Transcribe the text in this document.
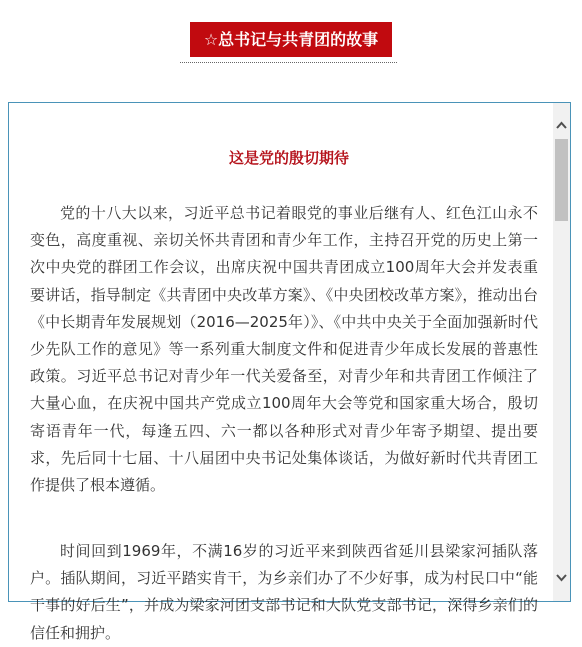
☆总书记与共青团的故事
这是党的殷切期待

党的十八大以来，习近平总书记着眼党的事业后继有人、红色江山永不变色，高度重视、亲切关怀共青团和青少年工作，主持召开党的历史上第一次中央党的群团工作会议，出席庆祝中国共青团成立100周年大会并发表重要讲话，指导制定《共青团中央改革方案》、《中央团校改革方案》，推动出台《中长期青年发展规划（2016—2025年）》、《中共中央关于全面加强新时代少先队工作的意见》等一系列重大制度文件和促进青少年成长发展的普惠性政策。习近平总书记对青少年一代关爱备至，对青少年和共青团工作倾注了大量心血，在庆祝中国共产党成立100周年大会等党和国家重大场合，殷切寄语青年一代，每逢五四、六一都以各种形式对青少年寄予期望、提出要求，先后同十七届、十八届团中央书记处集体谈话，为做好新时代共青团工作提供了根本遵循。

时间回到1969年，不满16岁的习近平来到陕西省延川县梁家河插队落户。插队期间，习近平踏实肯干，为乡亲们办了不少好事，成为村民口中“能干事的好后生”，并成为梁家河团支部书记和大队党支部书记，深得乡亲们的信任和拥护。
